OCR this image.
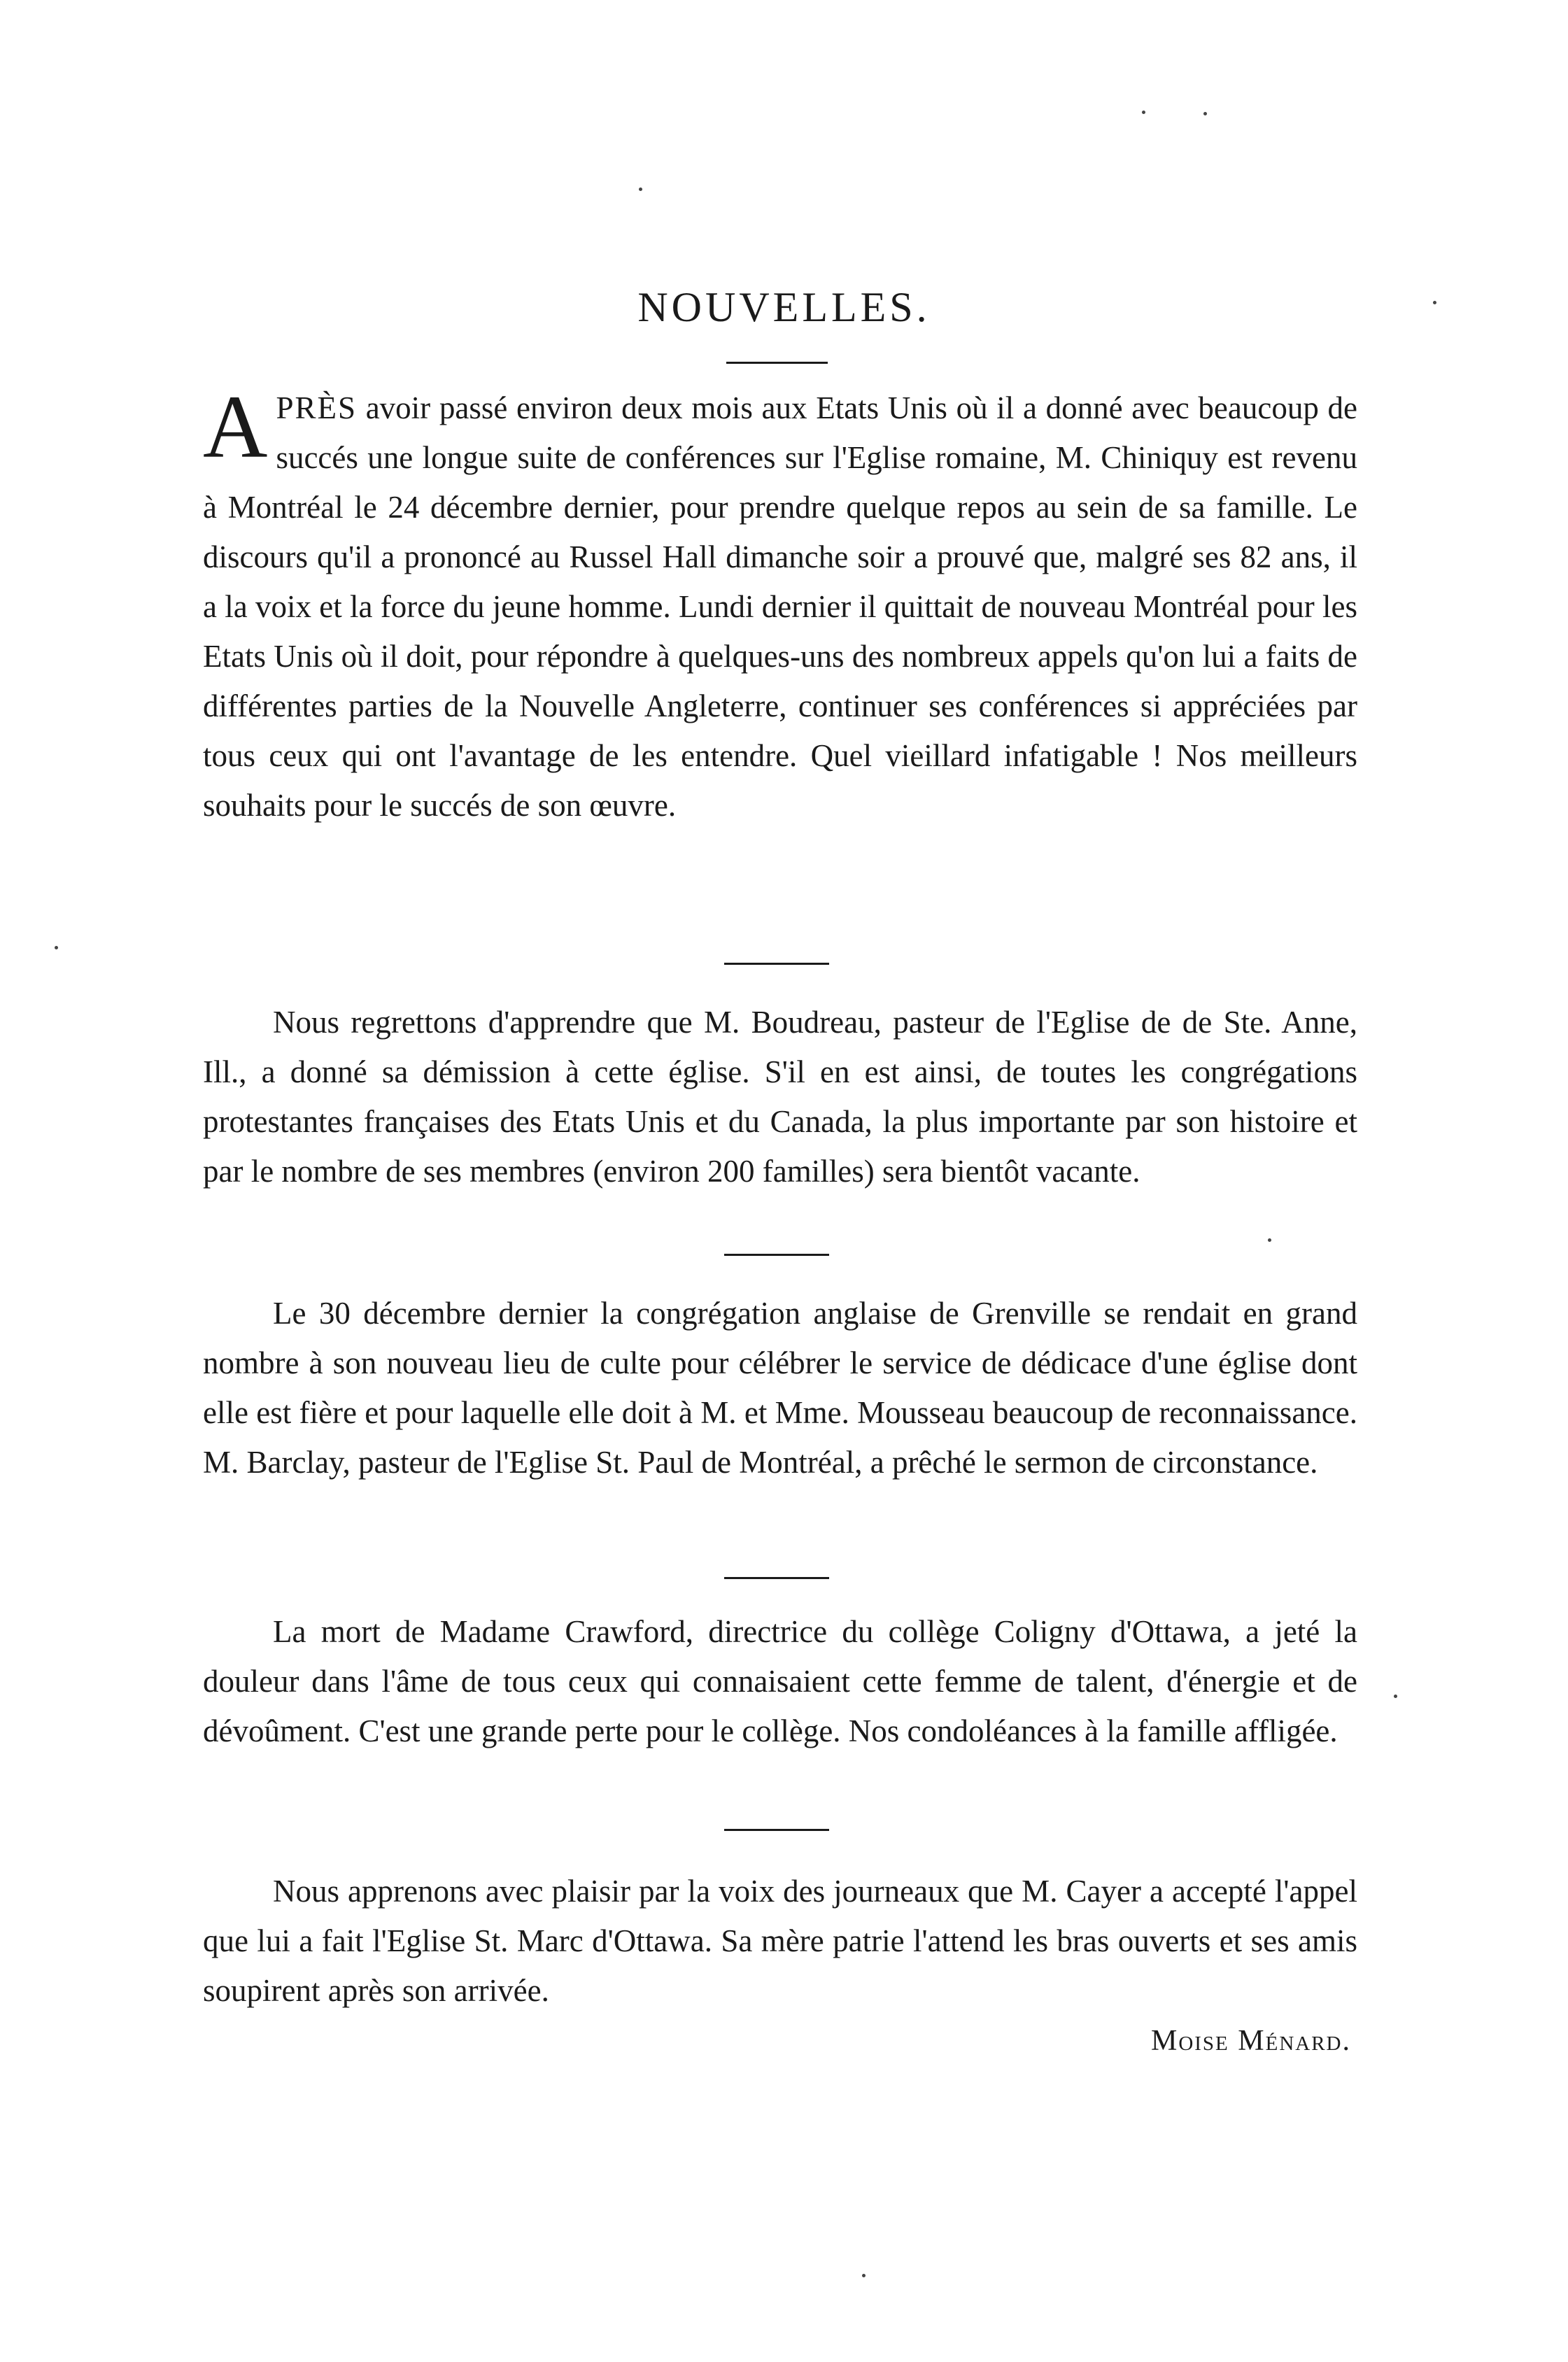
NOUVELLES.

APRÈS avoir passé environ deux mois aux Etats Unis où il a donné avec beaucoup de succés une longue suite de conférences sur l'Eglise romaine, M. Chiniquy est revenu à Montréal le 24 décembre dernier, pour prendre quelque repos au sein de sa famille. Le discours qu'il a prononcé au Russel Hall dimanche soir a prouvé que, malgré ses 82 ans, il a la voix et la force du jeune homme. Lundi dernier il quittait de nouveau Montréal pour les Etats Unis où il doit, pour répondre à quelques-uns des nombreux appels qu'on lui a faits de différentes parties de la Nouvelle Angleterre, continuer ses conférences si appréciées par tous ceux qui ont l'avantage de les entendre. Quel vieillard infatigable ! Nos meilleurs souhaits pour le succés de son œuvre.

Nous regrettons d'apprendre que M. Boudreau, pasteur de l'Eglise de de Ste. Anne, Ill., a donné sa démission à cette église. S'il en est ainsi, de toutes les congrégations protestantes françaises des Etats Unis et du Canada, la plus importante par son histoire et par le nombre de ses membres (environ 200 familles) sera bientôt vacante.

Le 30 décembre dernier la congrégation anglaise de Grenville se rendait en grand nombre à son nouveau lieu de culte pour célébrer le service de dédicace d'une église dont elle est fière et pour laquelle elle doit à M. et Mme. Mousseau beaucoup de reconnaissance. M. Barclay, pasteur de l'Eglise St. Paul de Montréal, a prêché le sermon de circonstance.

La mort de Madame Crawford, directrice du collège Coligny d'Ottawa, a jeté la douleur dans l'âme de tous ceux qui connaisaient cette femme de talent, d'énergie et de dévoûment. C'est une grande perte pour le collège. Nos condoléances à la famille affligée.

Nous apprenons avec plaisir par la voix des journeaux que M. Cayer a accepté l'appel que lui a fait l'Eglise St. Marc d'Ottawa. Sa mère patrie l'attend les bras ouverts et ses amis soupirent après son arrivée.

Moise Ménard.
